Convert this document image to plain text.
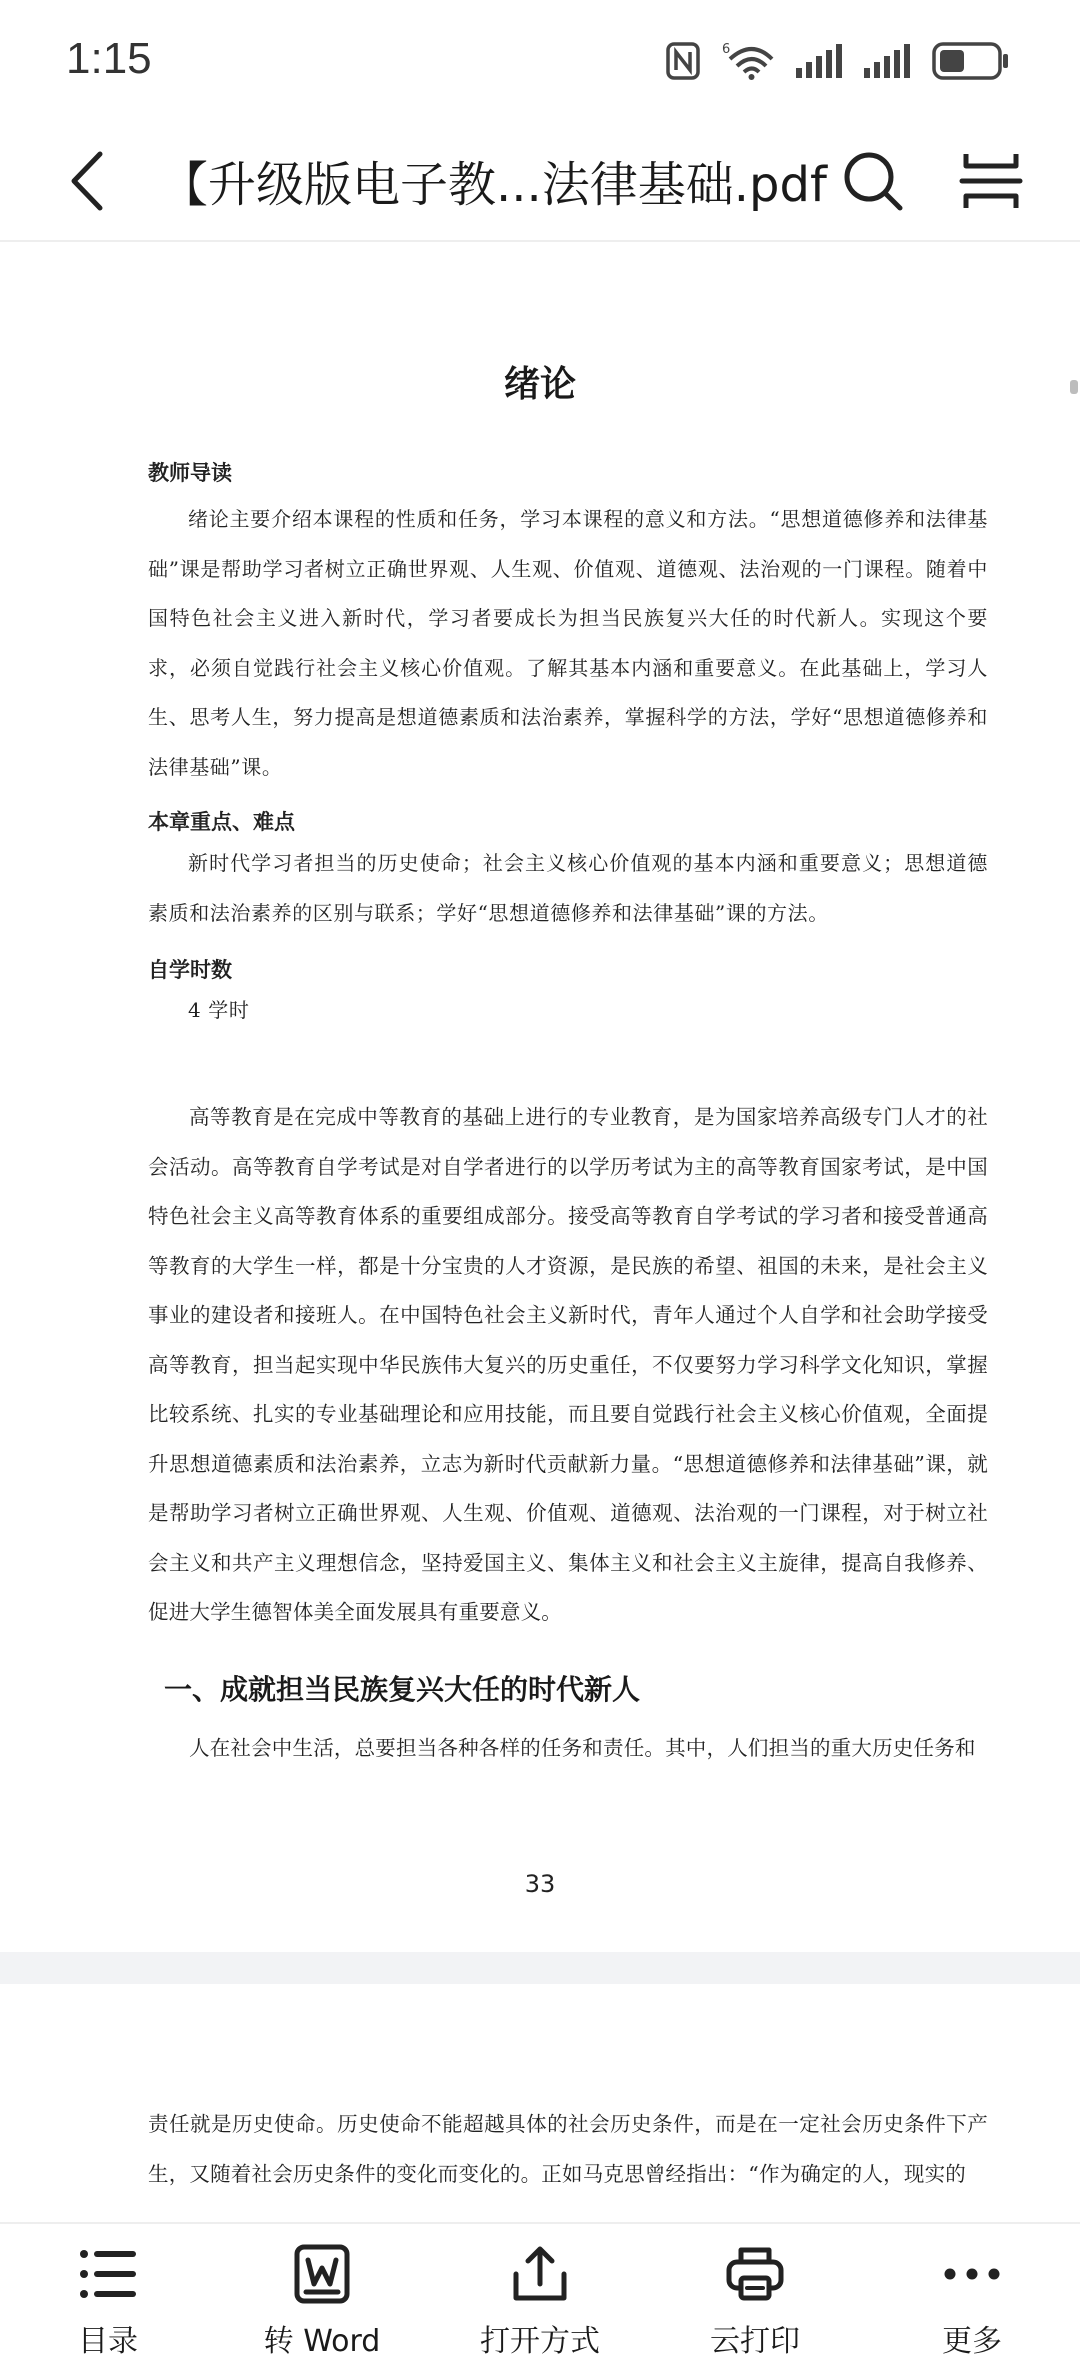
1:15	6
【升级版电子教...法律基础.pdf
绪论
教师导读
绪论主要介绍本课程的性质和任务，学习本课程的意义和方法。“思想道德修养和法律基础”课是帮助学习者树立正确世界观、人生观、价值观、道德观、法治观的一门课程。随着中国特色社会主义进入新时代，学习者要成长为担当民族复兴大任的时代新人。实现这个要求，必须自觉践行社会主义核心价值观。了解其基本内涵和重要意义。在此基础上，学习人生、思考人生，努力提高是想道德素质和法治素养，掌握科学的方法，学好“思想道德修养和法律基础”课。
本章重点、难点
新时代学习者担当的历史使命；社会主义核心价值观的基本内涵和重要意义；思想道德素质和法治素养的区别与联系；学好“思想道德修养和法律基础”课的方法。
自学时数
4 学时
高等教育是在完成中等教育的基础上进行的专业教育，是为国家培养高级专门人才的社会活动。高等教育自学考试是对自学者进行的以学历考试为主的高等教育国家考试，是中国特色社会主义高等教育体系的重要组成部分。接受高等教育自学考试的学习者和接受普通高等教育的大学生一样，都是十分宝贵的人才资源，是民族的希望、祖国的未来，是社会主义事业的建设者和接班人。在中国特色社会主义新时代，青年人通过个人自学和社会助学接受高等教育，担当起实现中华民族伟大复兴的历史重任，不仅要努力学习科学文化知识，掌握比较系统、扎实的专业基础理论和应用技能，而且要自觉践行社会主义核心价值观，全面提升思想道德素质和法治素养，立志为新时代贡献新力量。“思想道德修养和法律基础”课，就是帮助学习者树立正确世界观、人生观、价值观、道德观、法治观的一门课程，对于树立社会主义和共产主义理想信念，坚持爱国主义、集体主义和社会主义主旋律，提高自我修养、促进大学生德智体美全面发展具有重要意义。
一、成就担当民族复兴大任的时代新人
人在社会中生活，总要担当各种各样的任务和责任。其中，人们担当的重大历史任务和
33
责任就是历史使命。历史使命不能超越具体的社会历史条件，而是在一定社会历史条件下产生，又随着社会历史条件的变化而变化的。正如马克思曾经指出：“作为确定的人，现实的
目录	转 Word	打开方式	云打印	更多
